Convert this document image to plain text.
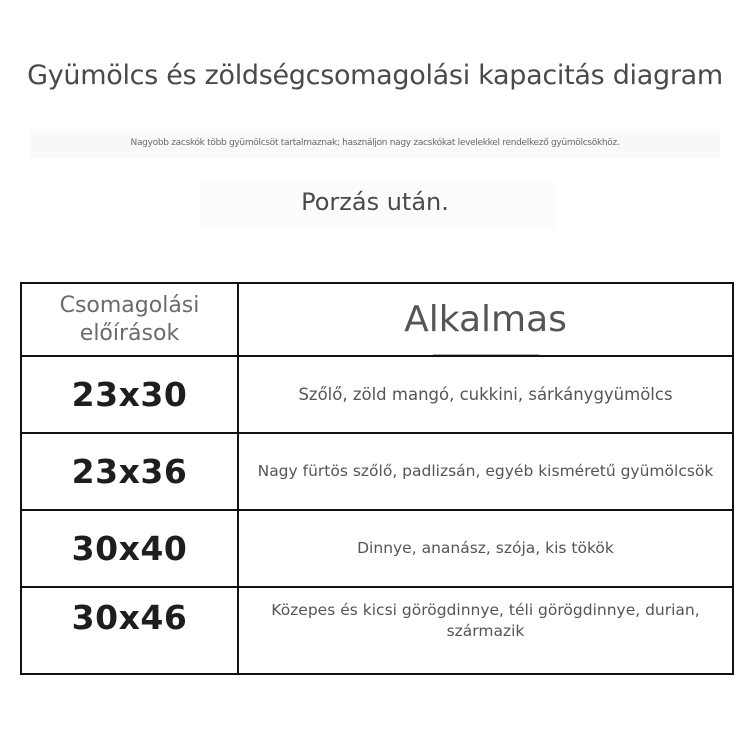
Gyümölcs és zöldségcsomagolási kapacitás diagram
Nagyobb zacskók több gyümölcsöt tartalmaznak; használjon nagy zacskókat levelekkel rendelkező gyümölcsökhöz.
Porzás után.
Csomagolási előírások	Alkalmas

23x30	Szőlő, zöld mangó, cukkini, sárkánygyümölcs
23x36	Nagy fürtös szőlő, padlizsán, egyéb kisméretű gyümölcsök
30x40	Dinnye, ananász, szója, kis tökök
30x46	Közepes és kicsi görögdinnye, téli görögdinnye, durian, származik
